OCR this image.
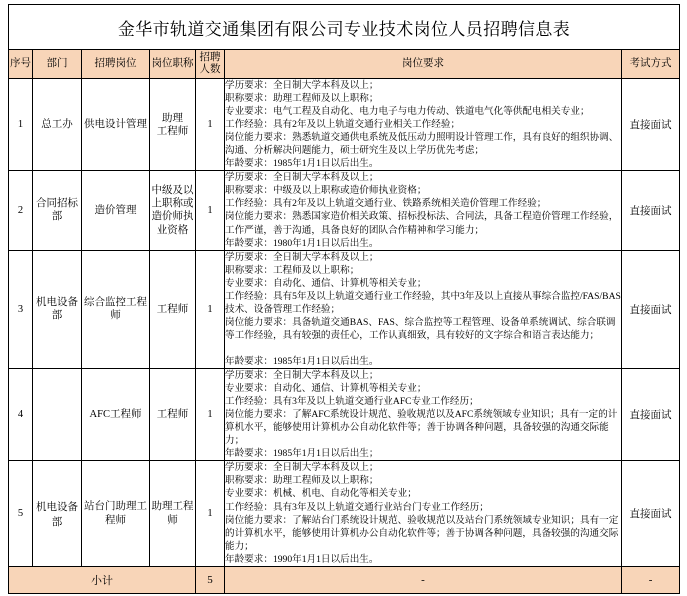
金华市轨道交通集团有限公司专业技术岗位人员招聘信息表						
序号	部门	招聘岗位	岗位职称	招聘
人数	岗位要求	考试方式
1	总工办	供电设计管理	
助理
工程师
	1	

学历要求：全日制大学本科及以上；

职称要求：助理工程师及以上职称；

专业要求：电气工程及自动化、电力电子与电力传动、铁道电气化等供配电相关专业；

工作经验：具有2年及以上轨道交通行业相关工作经验；

岗位能力要求：熟悉轨道交通供电系统及低压动力照明设计管理工作，具有良好的组织协调、沟通、分析解决问题能力，硕士研究生及以上学历优先考虑；

年龄要求：1985年1月1日以后出生。

	直接面试
2	合同招标部	造价管理	
中级及以
上职称或
造价师执
业资格
	1	

学历要求：全日制大学本科及以上；

职称要求：中级及以上职称或造价师执业资格；

工作经验：具有2年及以上轨道交通行业、铁路系统相关造价管理工作经验；

岗位能力要求：熟悉国家造价相关政策、招标投标法、合同法，具备工程造价管理工作经验，工作严谨，善于沟通，具备良好的团队合作精神和学习能力；

年龄要求：1980年1月1日以后出生。

	直接面试
3	机电设备部	综合监控工程师	工程师	1	

学历要求：全日制大学本科及以上；

职称要求：工程师及以上职称；

专业要求：自动化、通信、计算机等相关专业；

工作经验：具有5年及以上轨道交通行业工作经验，其中3年及以上直接从事综合监控/FAS/BAS技术、设备管理工作经验；

岗位能力要求：具备轨道交通BAS、FAS、综合监控等工程管理、设备单系统调试、综合联调等工作经验，具有较强的责任心，工作认真细致，具有较好的文字综合和语言表达能力；

年龄要求：1985年1月1日以后出生。

	直接面试
4		AFC工程师	工程师	1	学历要求：全日制大学本科及以上；

专业要求：自动化、通信、计算机等相关专业；

工作经验：具有3年及以上轨道交通行业AFC专业工作经历；

岗位能力要求：了解AFC系统设计规范、验收规范以及AFC系统领域专业知识；具有一定的计算机水平，能够使用计算机办公自动化软件等；善于协调各种问题，具备较强的沟通交际能力；

年龄要求：1985年1月1日以后出生；	直接面试
5	机电设备部	站台门助理工程师	
助理工程
师
	1	

学历要求：全日制大学本科及以上；

职称要求：助理工程师及以上职称；

专业要求：机械、机电、自动化等相关专业；

工作经验：具有3年及以上轨道交通行业站台门专业工作经历；

岗位能力要求：了解站台门系统设计规范、验收规范以及站台门系统领域专业知识；具有一定的计算机水平，能够使用计算机办公自动化软件等；善于协调各种问题，具备较强的沟通交际能力；

年龄要求：1990年1月1日以后出生。

	直接面试
小计				5	-	-
